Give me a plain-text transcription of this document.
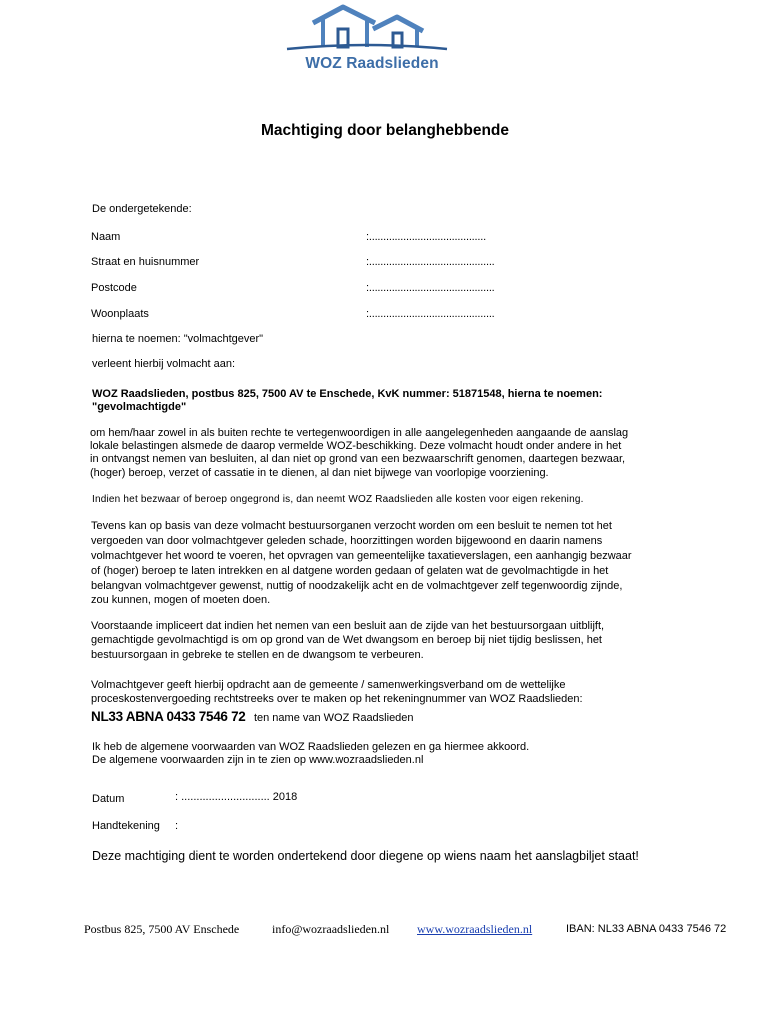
WOZ Raadslieden
Machtiging door belanghebbende
De ondergetekende:
Naam	:.........................................
Straat en huisnummer	:............................................
Postcode	:............................................
Woonplaats	:............................................
hierna te noemen: "volmachtgever"
verleent hierbij volmacht aan:
WOZ Raadslieden, postbus 825, 7500 AV te Enschede, KvK nummer: 51871548, hierna te noemen:
"gevolmachtigde"
om hem/haar zowel in als buiten rechte te vertegenwoordigen in alle aangelegenheden aangaande de aanslag
lokale belastingen alsmede de daarop vermelde WOZ-beschikking. Deze volmacht houdt onder andere in het
in ontvangst nemen van besluiten, al dan niet op grond van een bezwaarschrift genomen, daartegen bezwaar,
(hoger) beroep, verzet of cassatie in te dienen, al dan niet bijwege van voorlopige voorziening.
Indien het bezwaar of beroep ongegrond is, dan neemt WOZ Raadslieden alle kosten voor eigen rekening.
Tevens kan op basis van deze volmacht bestuursorganen verzocht worden om een besluit te nemen tot het
vergoeden van door volmachtgever geleden schade, hoorzittingen worden bijgewoond en daarin namens
volmachtgever het woord te voeren, het opvragen van gemeentelijke taxatieverslagen, een aanhangig bezwaar
of (hoger) beroep te laten intrekken en al datgene worden gedaan of gelaten wat de gevolmachtigde in het
belangvan volmachtgever gewenst, nuttig of noodzakelijk acht en de volmachtgever zelf tegenwoordig zijnde,
zou kunnen, mogen of moeten doen.
Voorstaande impliceert dat indien het nemen van een besluit aan de zijde van het bestuursorgaan uitblijft,
gemachtigde gevolmachtigd is om op grond van de Wet dwangsom en beroep bij niet tijdig beslissen, het
bestuursorgaan in gebreke te stellen en de dwangsom te verbeuren.
Volmachtgever geeft hierbij opdracht aan de gemeente / samenwerkingsverband om de wettelijke
proceskostenvergoeding rechtstreeks over te maken op het rekeningnummer van WOZ Raadslieden:
NL33 ABNA 0433 7546 72 ten name van WOZ Raadslieden
Ik heb de algemene voorwaarden van WOZ Raadslieden gelezen en ga hiermee akkoord.
De algemene voorwaarden zijn in te zien op www.wozraadslieden.nl
Datum	: ............................. 2018
Handtekening :
Deze machtiging dient te worden ondertekend door diegene op wiens naam het aanslagbiljet staat!
Postbus 825, 7500 AV Enschede	info@wozraadslieden.nl www.wozraadslieden.nl	IBAN: NL33 ABNA 0433 7546 72
